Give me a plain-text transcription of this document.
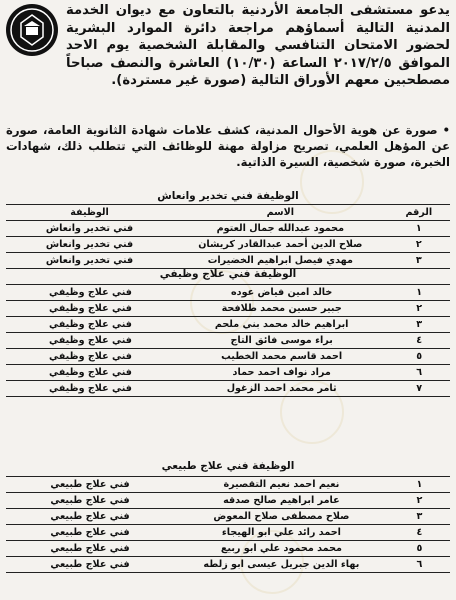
يدعو مستشفى الجامعة الأردنية بالتعاون مع ديوان الخدمة المدنية التالية أسماؤهم مراجعة دائرة الموارد البشرية لحضور الامتحان التنافسي والمقابلة الشخصية يوم الاحد الموافق ٢٠١٧/٢/٥ الساعة (١٠/٣٠) العاشرة والنصف صباحاً مصطحبين معهم الأوراق التالية (صورة غير مستردة).
• صورة عن هوية الأحوال المدنية، كشف علامات شهادة الثانوية العامة، صورة عن المؤهل العلمي، تصريح مزاولة مهنة للوظائف التي تتطلب ذلك، شهادات الخبرة، صورة شخصية، السيرة الذاتية.
الوظيفة فني تخدير وانعاش
الرقم	الاسم	الوظيفة
١	محمود عبدالله جمال العتوم	فني تخدير وانعاش
٢	صلاح الدين أحمد عبدالقادر كريشان	فني تخدير وانعاش
٣	مهدي فيصل ابراهيم الخضيرات	فني تخدير وانعاش
الوظيفة فني علاج وظيفي
١	خالد امين فياض عوده	فني علاج وظيفي
٢	جبير حسين محمد طلافحة	فني علاج وظيفي
٣	ابراهيم خالد محمد بني ملحم	فني علاج وظيفي
٤	براء موسى فائق التاج	فني علاج وظيفي
٥	احمد قاسم محمد الخطيب	فني علاج وظيفي
٦	مراد نواف احمد حماد	فني علاج وظيفي
٧	ثامر محمد احمد الزغول	فني علاج وظيفي
الوظيفة فني علاج طبيعي
١	نعيم احمد نعيم التقصيرة	فني علاج طبيعي
٢	عامر ابراهيم صالح صدقه	فني علاج طبيعي
٣	صلاح مصطفى صلاح المعوض	فني علاج طبيعي
٤	احمد رائد علي ابو الهيجاء	فني علاج طبيعي
٥	محمد محمود علي ابو ربيع	فني علاج طبيعي
٦	بهاء الدين جبريل عيسى ابو زلطه	فني علاج طبيعي
